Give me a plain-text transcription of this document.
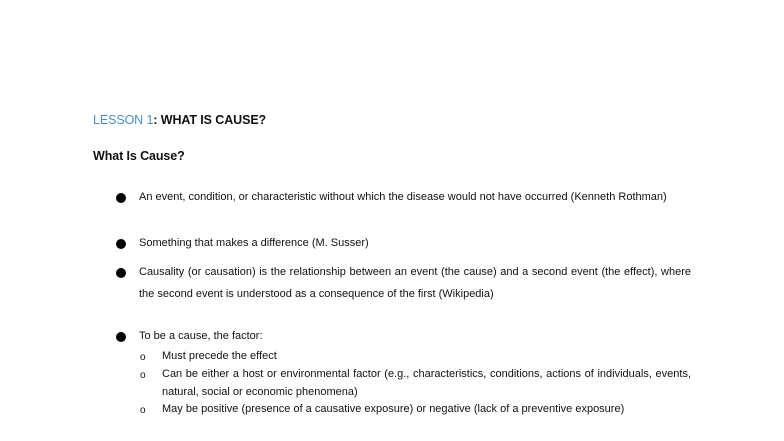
LESSON 1: WHAT IS CAUSE?
What Is Cause?
An event, condition, or characteristic without which the disease would not have occurred (Kenneth Rothman)
Something that makes a difference (M. Susser)
Causality (or causation) is the relationship between an event (the cause) and a second event (the effect), where the second event is understood as a consequence of the first (Wikipedia)
To be a cause, the factor:
o Must precede the effect
o Can be either a host or environmental factor (e.g., characteristics, conditions, actions of individuals, events, natural, social or economic phenomena)
o May be positive (presence of a causative exposure) or negative (lack of a preventive exposure)
